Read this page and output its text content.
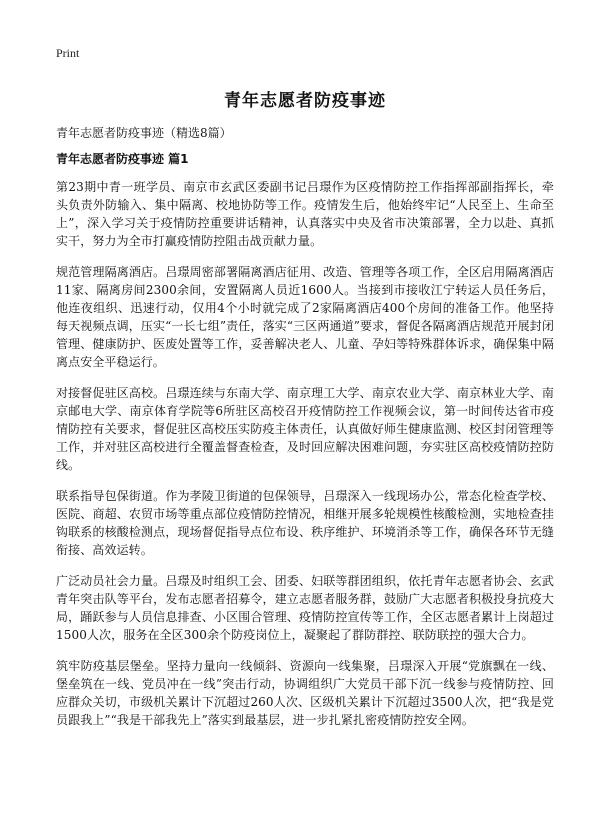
Print
青年志愿者防疫事迹
青年志愿者防疫事迹（精选8篇）
青年志愿者防疫事迹 篇1

第23期中青一班学员、南京市玄武区委副书记吕璟作为区疫情防控工作指挥部副指挥长，牵头负责外防输入、集中隔离、校地协防等工作。疫情发生后，他始终牢记“人民至上、生命至上”，深入学习关于疫情防控重要讲话精神，认真落实中央及省市决策部署，全力以赴、真抓实干，努力为全市打赢疫情防控阻击战贡献力量。

规范管理隔离酒店。吕璟周密部署隔离酒店征用、改造、管理等各项工作，全区启用隔离酒店11家、隔离房间2300余间，安置隔离人员近1600人。当接到市接收江宁转运人员任务后，他连夜组织、迅速行动，仅用4个小时就完成了2家隔离酒店400个房间的准备工作。他坚持每天视频点调，压实“一长七组”责任，落实“三区两通道”要求，督促各隔离酒店规范开展封闭管理、健康防护、医废处置等工作，妥善解决老人、儿童、孕妇等特殊群体诉求，确保集中隔离点安全平稳运行。

对接督促驻区高校。吕璟连续与东南大学、南京理工大学、南京农业大学、南京林业大学、南京邮电大学、南京体育学院等6所驻区高校召开疫情防控工作视频会议，第一时间传达省市疫情防控有关要求，督促驻区高校压实防疫主体责任，认真做好师生健康监测、校区封闭管理等工作，并对驻区高校进行全覆盖督查检查，及时回应解决困难问题，夯实驻区高校疫情防控防线。

联系指导包保街道。作为孝陵卫街道的包保领导，吕璟深入一线现场办公，常态化检查学校、医院、商超、农贸市场等重点部位疫情防控情况，相继开展多轮规模性核酸检测，实地检查挂钩联系的核酸检测点，现场督促指导点位布设、秩序维护、环境消杀等工作，确保各环节无缝衔接、高效运转。

广泛动员社会力量。吕璟及时组织工会、团委、妇联等群团组织，依托青年志愿者协会、玄武青年突击队等平台，发布志愿者招募令，建立志愿者服务群，鼓励广大志愿者积极投身抗疫大局，踊跃参与人员信息排查、小区围合管理、疫情防控宣传等工作，全区志愿者累计上岗超过1500人次，服务在全区300余个防疫岗位上，凝聚起了群防群控、联防联控的强大合力。

筑牢防疫基层堡垒。坚持力量向一线倾斜、资源向一线集聚，吕璟深入开展“党旗飘在一线、堡垒筑在一线、党员冲在一线”突击行动，协调组织广大党员干部下沉一线参与疫情防控、回应群众关切，市级机关累计下沉超过260人次、区级机关累计下沉超过3500人次，把“我是党员跟我上”“我是干部我先上”落实到最基层，进一步扎紧扎密疫情防控安全网。
